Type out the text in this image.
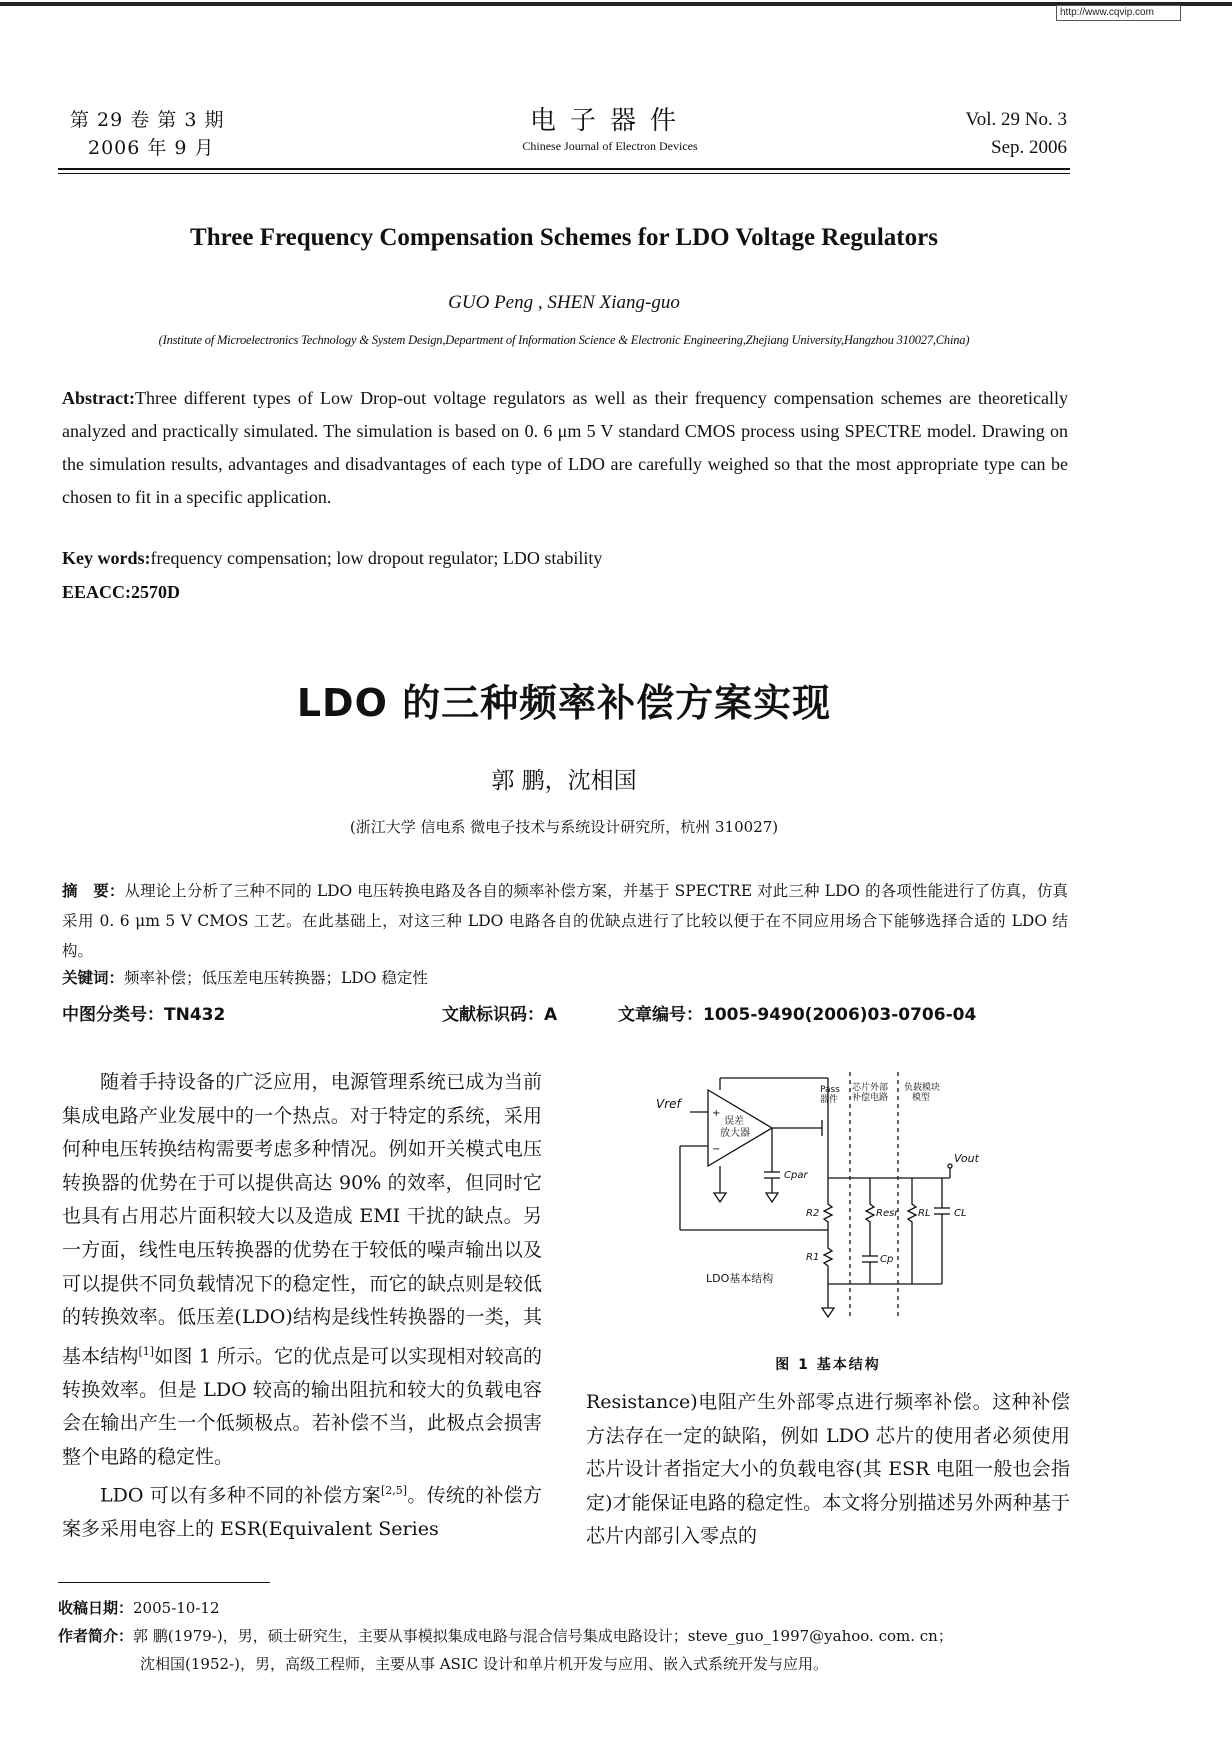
http://www.cqvip.com
第 29 卷 第 3 期
2006 年 9 月
电子器件
Chinese Journal of Electron Devices
Vol. 29 No. 3
Sep. 2006
Three Frequency Compensation Schemes for LDO Voltage Regulators
GUO Peng , SHEN Xiang-guo
(Institute of Microelectronics Technology & System Design,Department of Information Science & Electronic Engineering,Zhejiang University,Hangzhou 310027,China)
Abstract:Three different types of Low Drop-out voltage regulators as well as their frequency compensation schemes are theoretically analyzed and practically simulated. The simulation is based on 0. 6 μm 5 V standard CMOS process using SPECTRE model. Drawing on the simulation results, advantages and disadvantages of each type of LDO are carefully weighed so that the most appropriate type can be chosen to fit in a specific application.
Key words:frequency compensation; low dropout regulator; LDO stability
EEACC:2570D
LDO 的三种频率补偿方案实现
郭 鹏，沈相国
(浙江大学 信电系 微电子技术与系统设计研究所，杭州 310027)
摘　要：从理论上分析了三种不同的 LDO 电压转换电路及各自的频率补偿方案，并基于 SPECTRE 对此三种 LDO 的各项性能进行了仿真，仿真采用 0. 6 μm 5 V CMOS 工艺。在此基础上，对这三种 LDO 电路各自的优缺点进行了比较以便于在不同应用场合下能够选择合适的 LDO 结构。
关键词：频率补偿；低压差电压转换器；LDO 稳定性
中图分类号：TN432	文献标识码：A	文章编号：1005-9490(2006)03-0706-04

随着手持设备的广泛应用，电源管理系统已成为当前集成电路产业发展中的一个热点。对于特定的系统，采用何种电压转换结构需要考虑多种情况。例如开关模式电压转换器的优势在于可以提供高达 90% 的效率，但同时它也具有占用芯片面积较大以及造成 EMI 干扰的缺点。另一方面，线性电压转换器的优势在于较低的噪声输出以及可以提供不同负载情况下的稳定性，而它的缺点则是较低的转换效率。低压差(LDO)结构是线性转换器的一类，其基本结构[1]如图 1 所示。它的优点是可以实现相对较高的转换效率。但是 LDO 较高的输出阻抗和较大的负载电容会在输出产生一个低频极点。若补偿不当，此极点会损害整个电路的稳定性。

LDO 可以有多种不同的补偿方案[2,5]。传统的补偿方案多采用电容上的 ESR(Equivalent Series

Vref
+
−
误差
放大器
Pass
器件
芯片外部
补偿电路
负载模块
模型
Cpar
Vout
R2
R1
Resr RL CL
Cp
LDO基本结构
图 1 基本结构

Resistance)电阻产生外部零点进行频率补偿。这种补偿方法存在一定的缺陷，例如 LDO 芯片的使用者必须使用芯片设计者指定大小的负载电容(其 ESR 电阻一般也会指定)才能保证电路的稳定性。本文将分别描述另外两种基于芯片内部引入零点的

收稿日期：2005-10-12
作者简介：郭 鹏(1979-)，男，硕士研究生，主要从事模拟集成电路与混合信号集成电路设计；steve_guo_1997@yahoo. com. cn；
沈相国(1952-)，男，高级工程师，主要从事 ASIC 设计和单片机开发与应用、嵌入式系统开发与应用。
